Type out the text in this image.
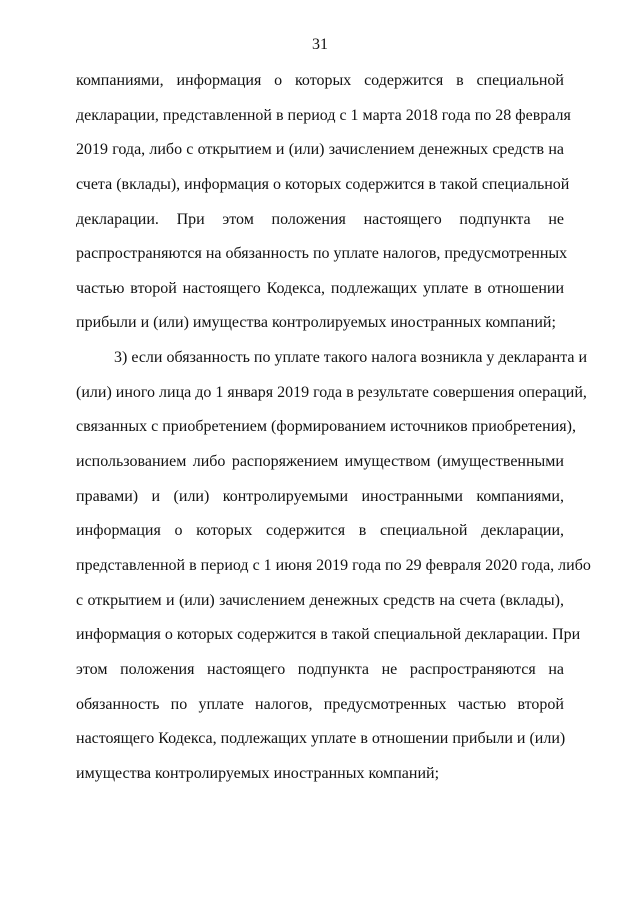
31
компаниями, информация о которых содержится в специальной
декларации, представленной в период с 1 марта 2018 года по 28 февраля
2019 года, либо с открытием и (или) зачислением денежных средств на
счета (вклады), информация о которых содержится в такой специальной
декларации. При этом положения настоящего подпункта не
распространяются на обязанность по уплате налогов, предусмотренных
частью второй настоящего Кодекса, подлежащих уплате в отношении
прибыли и (или) имущества контролируемых иностранных компаний;
3) если обязанность по уплате такого налога возникла у декларанта и
(или) иного лица до 1 января 2019 года в результате совершения операций,
связанных с приобретением (формированием источников приобретения),
использованием либо распоряжением имуществом (имущественными
правами) и (или) контролируемыми иностранными компаниями,
информация о которых содержится в специальной декларации,
представленной в период с 1 июня 2019 года по 29 февраля 2020 года, либо
с открытием и (или) зачислением денежных средств на счета (вклады),
информация о которых содержится в такой специальной декларации. При
этом положения настоящего подпункта не распространяются на
обязанность по уплате налогов, предусмотренных частью второй
настоящего Кодекса, подлежащих уплате в отношении прибыли и (или)
имущества контролируемых иностранных компаний;
